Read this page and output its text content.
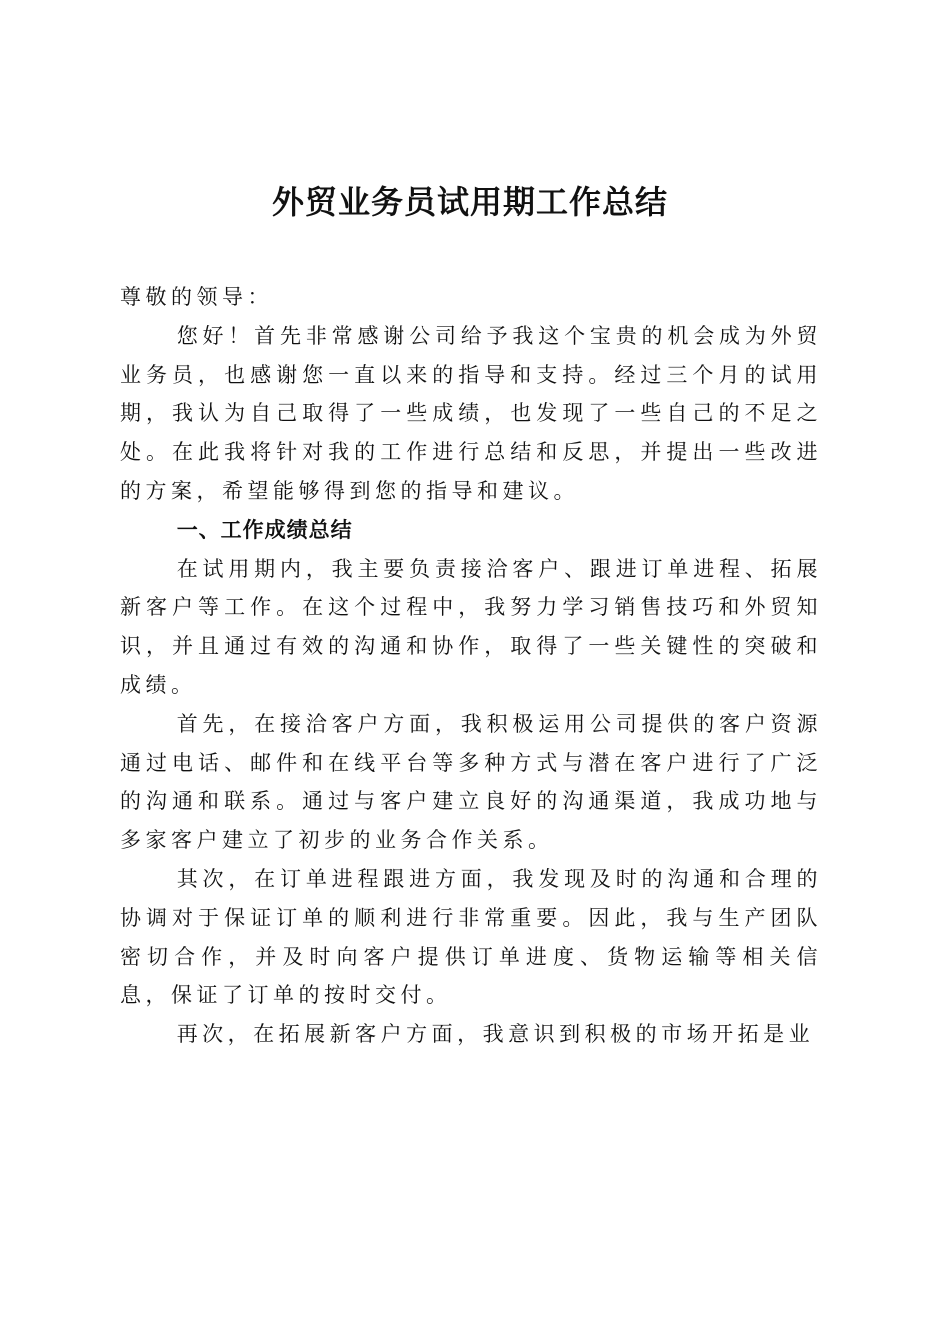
外贸业务员试用期工作总结

尊敬的领导：

您好！首先非常感谢公司给予我这个宝贵的机会成为外贸业务员，也感谢您一直以来的指导和支持。经过三个月的试用期，我认为自己取得了一些成绩，也发现了一些自己的不足之处。在此我将针对我的工作进行总结和反思，并提出一些改进的方案，希望能够得到您的指导和建议。

一、工作成绩总结

在试用期内，我主要负责接洽客户、跟进订单进程、拓展新客户等工作。在这个过程中，我努力学习销售技巧和外贸知识，并且通过有效的沟通和协作，取得了一些关键性的突破和成绩。

首先，在接洽客户方面，我积极运用公司提供的客户资源通过电话、邮件和在线平台等多种方式与潜在客户进行了广泛的沟通和联系。通过与客户建立良好的沟通渠道，我成功地与多家客户建立了初步的业务合作关系。

其次，在订单进程跟进方面，我发现及时的沟通和合理的协调对于保证订单的顺利进行非常重要。因此，我与生产团队密切合作，并及时向客户提供订单进度、货物运输等相关信息，保证了订单的按时交付。

再次，在拓展新客户方面，我意识到积极的市场开拓是业
